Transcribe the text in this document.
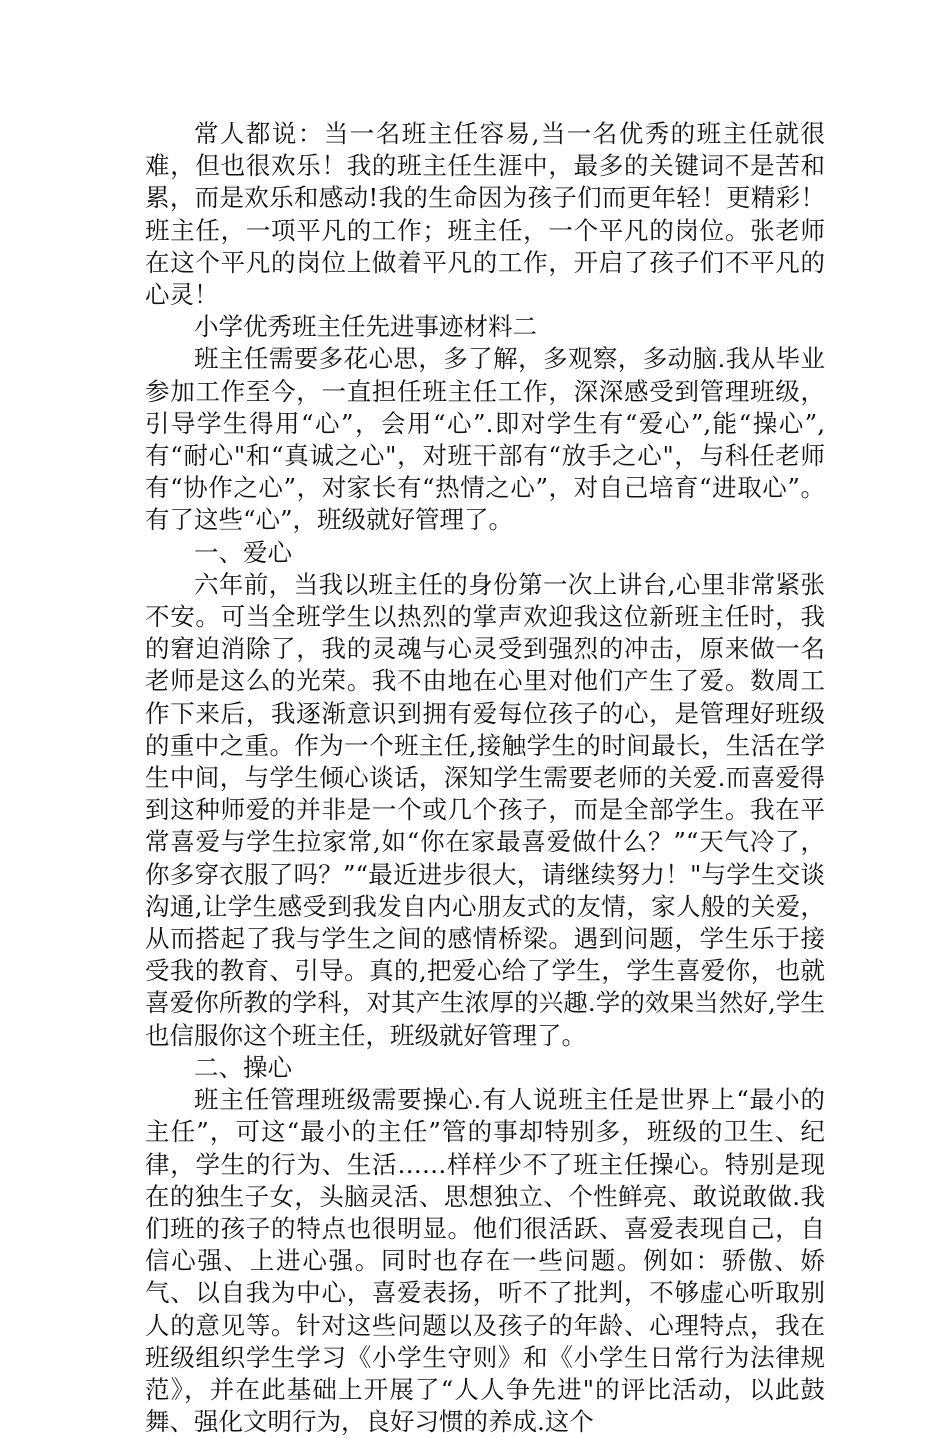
常人都说：当一名班主任容易,当一名优秀的班主任就很难，但也很欢乐！我的班主任生涯中，最多的关键词不是苦和累，而是欢乐和感动!我的生命因为孩子们而更年轻！更精彩！班主任，一项平凡的工作；班主任，一个平凡的岗位。张老师在这个平凡的岗位上做着平凡的工作，开启了孩子们不平凡的心灵！

小学优秀班主任先进事迹材料二

班主任需要多花心思，多了解，多观察，多动脑.我从毕业参加工作至今，一直担任班主任工作，深深感受到管理班级，引导学生得用“心”，会用“心”.即对学生有“爱心”,能“操心”,有“耐心"和“真诚之心"，对班干部有“放手之心"，与科任老师有“协作之心”，对家长有“热情之心”，对自己培育“进取心”。有了这些“心”，班级就好管理了。

一、爱心

六年前，当我以班主任的身份第一次上讲台,心里非常紧张不安。可当全班学生以热烈的掌声欢迎我这位新班主任时，我的窘迫消除了，我的灵魂与心灵受到强烈的冲击，原来做一名老师是这么的光荣。我不由地在心里对他们产生了爱。数周工作下来后，我逐渐意识到拥有爱每位孩子的心，是管理好班级的重中之重。作为一个班主任,接触学生的时间最长，生活在学生中间，与学生倾心谈话，深知学生需要老师的关爱.而喜爱得到这种师爱的并非是一个或几个孩子，而是全部学生。我在平常喜爱与学生拉家常,如“你在家最喜爱做什么？”“天气冷了，你多穿衣服了吗？”“最近进步很大，请继续努力！"与学生交谈沟通,让学生感受到我发自内心朋友式的友情，家人般的关爱，从而搭起了我与学生之间的感情桥梁。遇到问题，学生乐于接受我的教育、引导。真的,把爱心给了学生，学生喜爱你，也就喜爱你所教的学科，对其产生浓厚的兴趣.学的效果当然好,学生也信服你这个班主任，班级就好管理了。

二、操心

班主任管理班级需要操心.有人说班主任是世界上“最小的主任”，可这“最小的主任”管的事却特别多，班级的卫生、纪律，学生的行为、生活……样样少不了班主任操心。特别是现在的独生子女，头脑灵活、思想独立、个性鲜亮、敢说敢做.我们班的孩子的特点也很明显。他们很活跃、喜爱表现自己，自信心强、上进心强。同时也存在一些问题。例如：骄傲、娇气、以自我为中心，喜爱表扬，听不了批判，不够虚心听取别人的意见等。针对这些问题以及孩子的年龄、心理特点，我在班级组织学生学习《小学生守则》和《小学生日常行为法律规范》，并在此基础上开展了“人人争先进"的评比活动，以此鼓舞、强化文明行为，良好习惯的养成.这个
